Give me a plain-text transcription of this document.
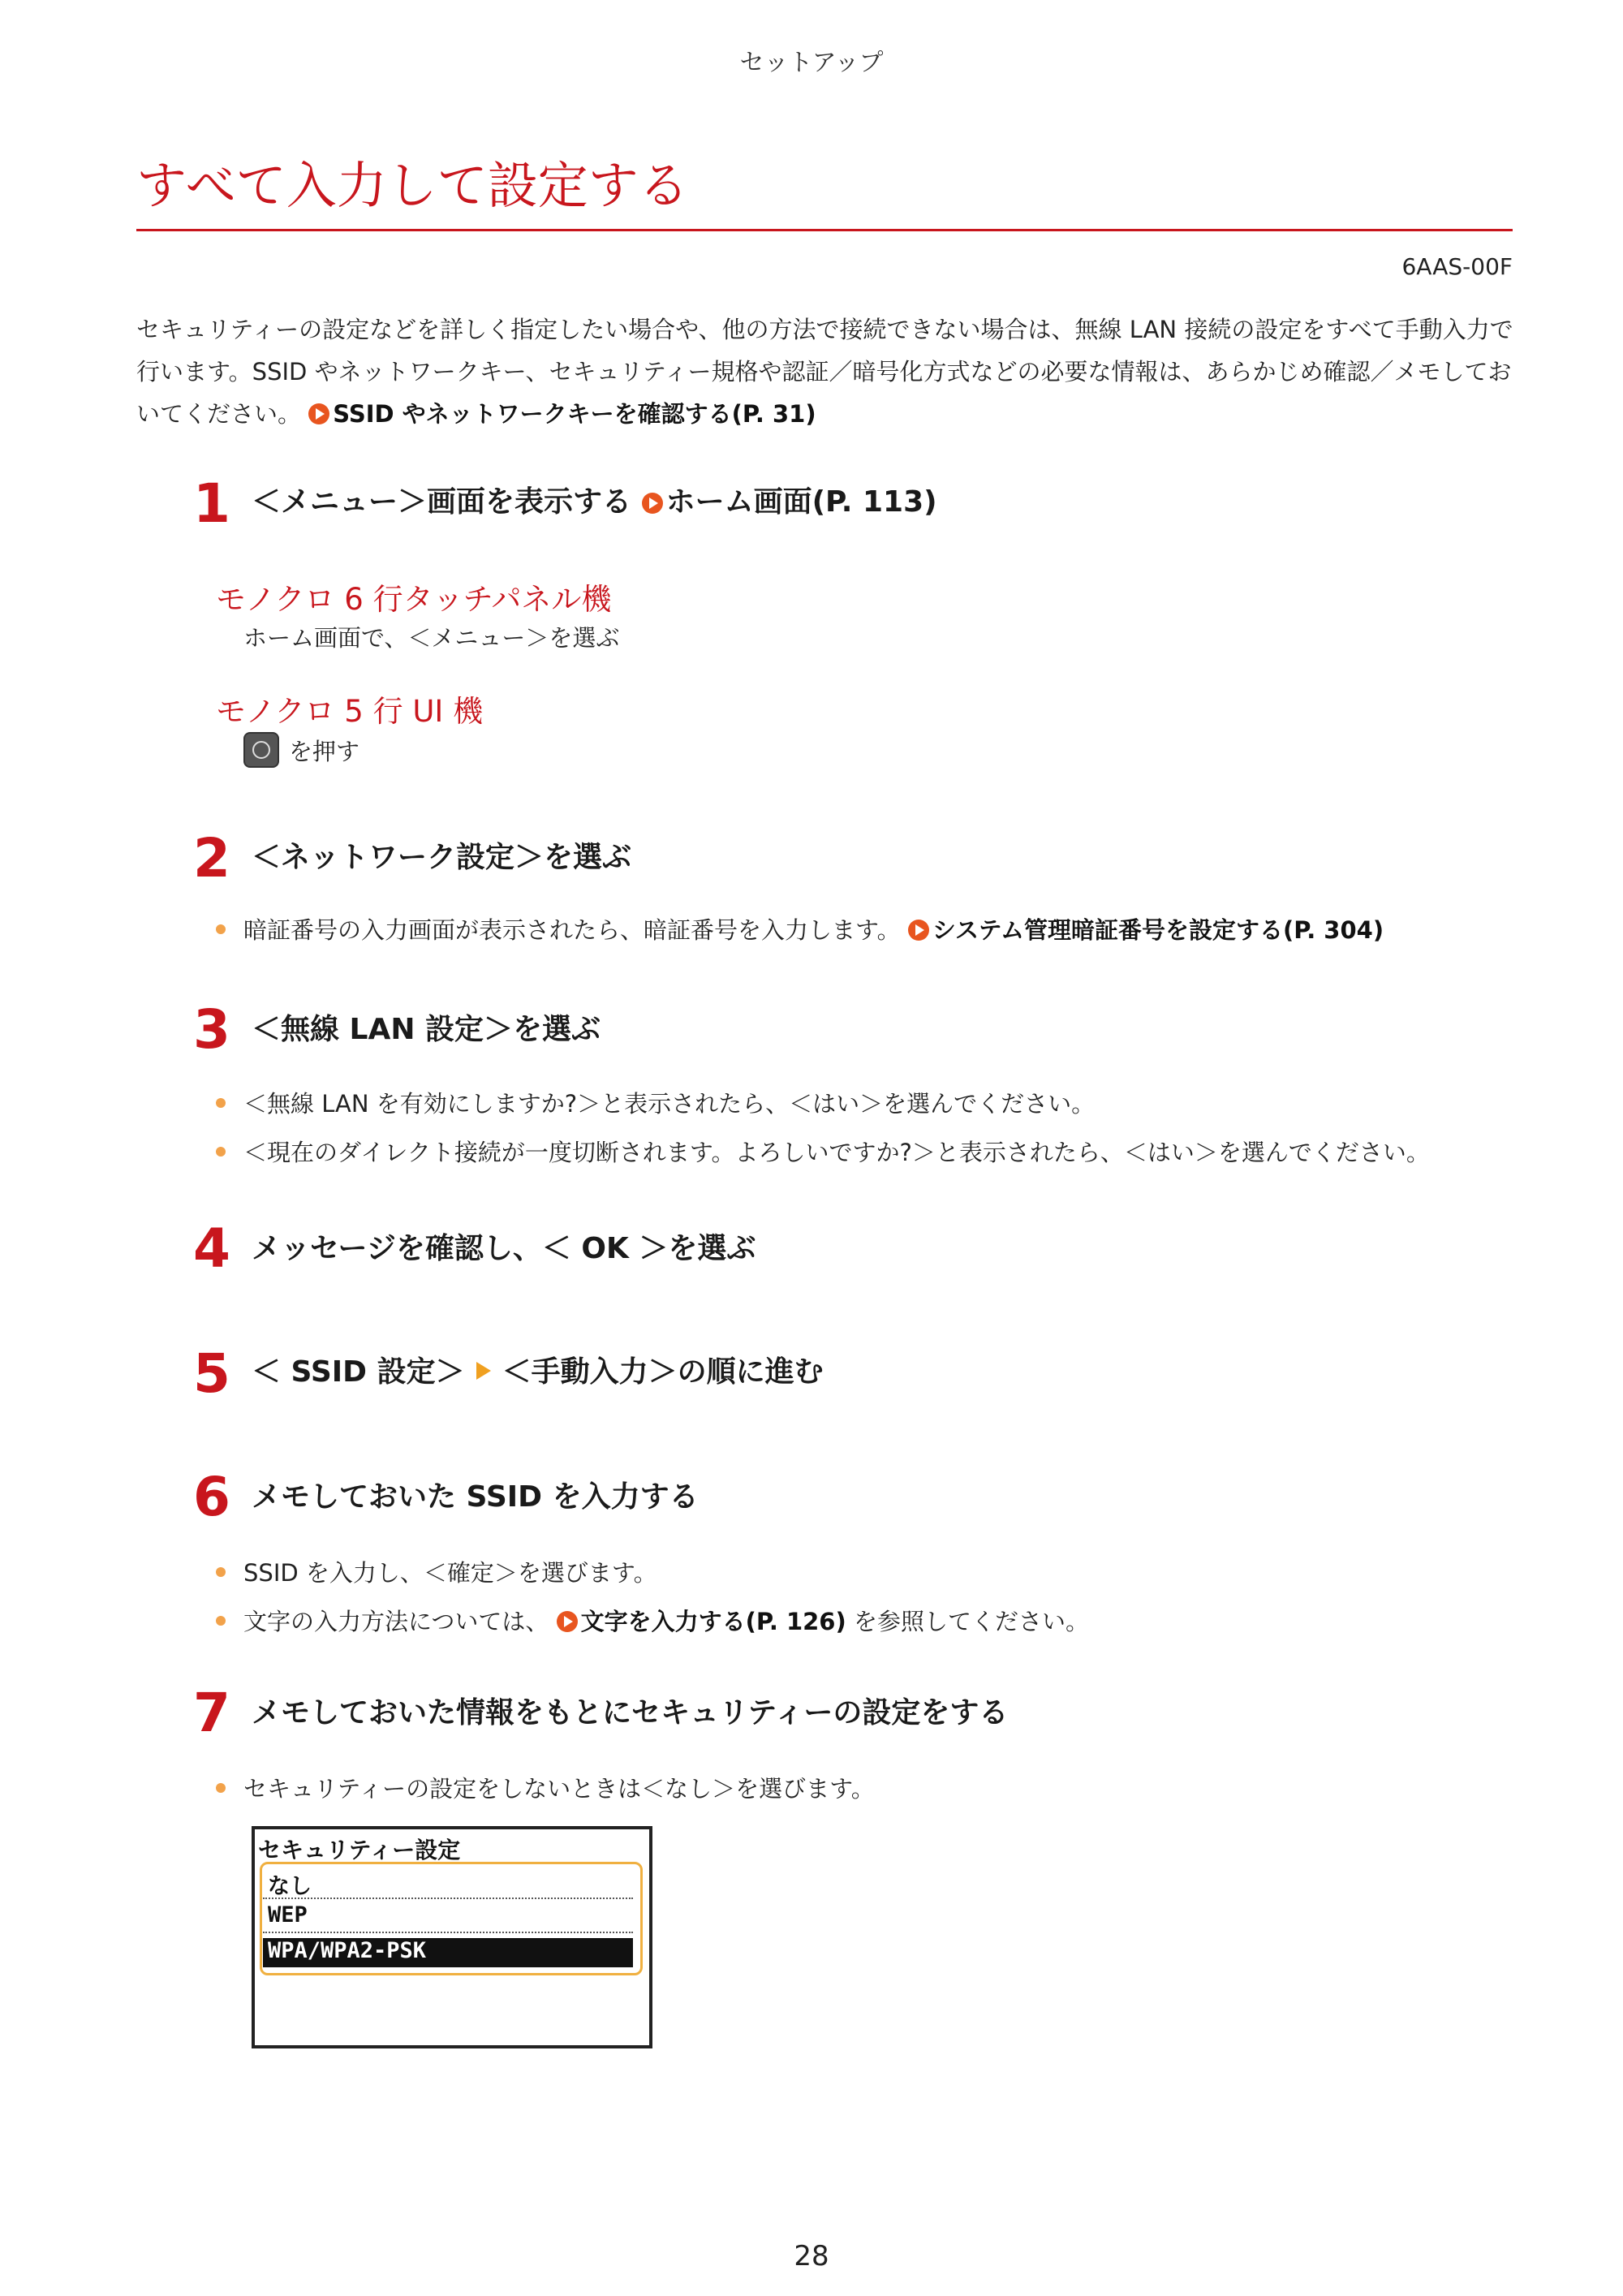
セットアップ
すべて入力して設定する
6AAS-00F
セキュリティーの設定などを詳しく指定したい場合や、他の方法で接続できない場合は、無線 LAN 接続の設定をすべて手動入力で行います。SSID やネットワークキー、セキュリティー規格や認証／暗号化方式などの必要な情報は、あらかじめ確認／メモしておいてください。 SSID やネットワークキーを確認する(P. 31)
1 ＜メニュー＞画面を表示する ホーム画面(P. 113)
モノクロ 6 行タッチパネル機
ホーム画面で、＜メニュー＞を選ぶ
モノクロ 5 行 UI 機
を押す
2 ＜ネットワーク設定＞を選ぶ
暗証番号の入力画面が表示されたら、暗証番号を入力します。 システム管理暗証番号を設定する(P. 304)
3 ＜無線 LAN 設定＞を選ぶ
＜無線 LAN を有効にしますか?＞と表示されたら、＜はい＞を選んでください。
＜現在のダイレクト接続が一度切断されます。よろしいですか?＞と表示されたら、＜はい＞を選んでください。
4 メッセージを確認し、＜ OK ＞を選ぶ
5 ＜ SSID 設定＞ ＜手動入力＞の順に進む
6 メモしておいた SSID を入力する
SSID を入力し、＜確定＞を選びます。
文字の入力方法については、 文字を入力する(P. 126) を参照してください。
7 メモしておいた情報をもとにセキュリティーの設定をする
セキュリティーの設定をしないときは＜なし＞を選びます。
セキュリティー設定
なし
WEP
WPA/WPA2-PSK
28
